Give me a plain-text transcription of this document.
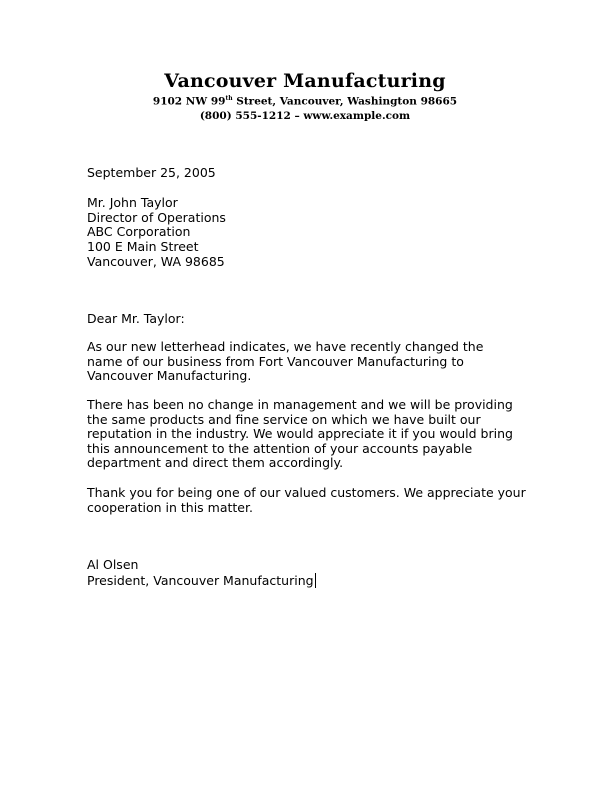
Vancouver Manufacturing
9102 NW 99th Street, Vancouver, Washington 98665
(800) 555-1212 – www.example.com
September 25, 2005
Mr. John Taylor
Director of Operations
ABC Corporation
100 E Main Street
Vancouver, WA 98685
Dear Mr. Taylor:
As our new letterhead indicates, we have recently changed the name of our business from Fort Vancouver Manufacturing to Vancouver Manufacturing.
There has been no change in management and we will be providing the same products and fine service on which we have built our reputation in the industry. We would appreciate it if you would bring this announcement to the attention of your accounts payable department and direct them accordingly.
Thank you for being one of our valued customers. We appreciate your cooperation in this matter.
Al Olsen
President, Vancouver Manufacturing
